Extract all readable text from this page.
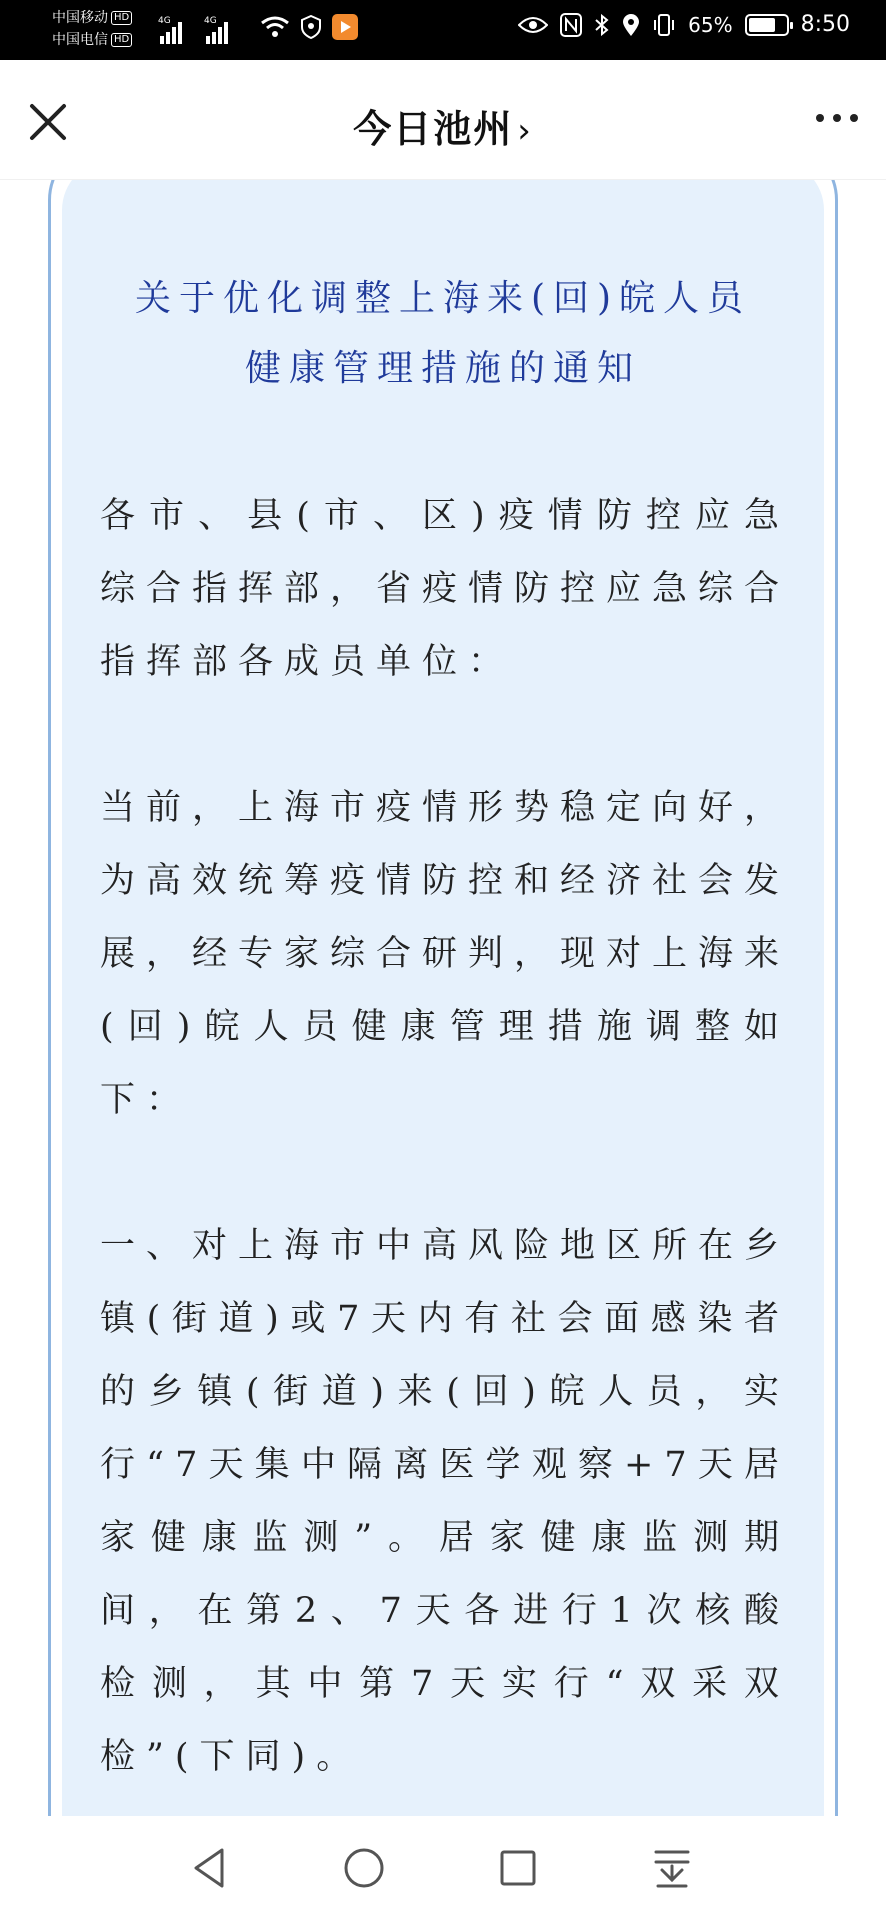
中国移动 HD
中国电信 HD
4G	4G	65%	8:50
今日池州 ›
关于优化调整上海来(回)皖人员
健康管理措施的通知
各市、县(市、区)疫情防控应急综合指挥部，省疫情防控应急综合指挥部各成员单位：
当前，上海市疫情形势稳定向好，为高效统筹疫情防控和经济社会发展，经专家综合研判，现对上海来(回)皖人员健康管理措施调整如下：
一、对上海市中高风险地区所在乡镇(街道)或7天内有社会面感染者的乡镇(街道)来(回)皖人员，实行“7天集中隔离医学观察+7天居家健康监测”。居家健康监测期间，在第2、7天各进行1次核酸检测，其中第7天实行“双采双检”(下同)。
